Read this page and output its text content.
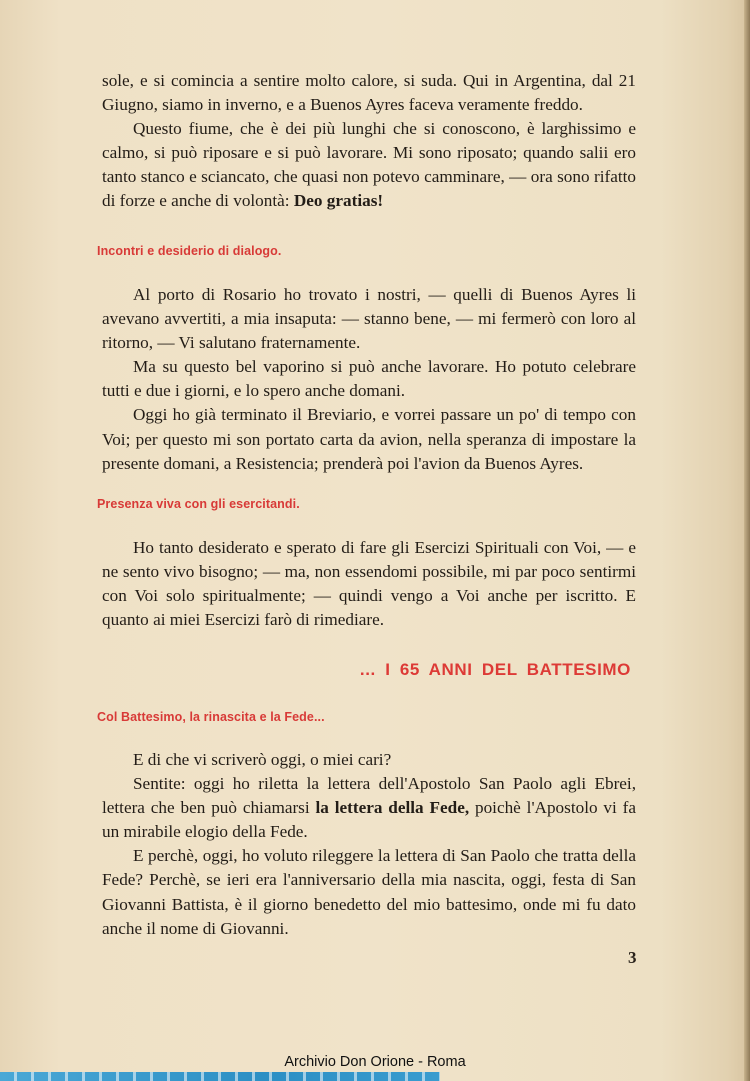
sole, e si comincia a sentire molto calore, si suda. Qui in Argentina, dal 21 Giugno, siamo in inverno, e a Buenos Ayres faceva veramente freddo.

Questo fiume, che è dei più lunghi che si conoscono, è larghissimo e calmo, si può riposare e si può lavorare. Mi sono riposato; quando salii ero tanto stanco e sciancato, che quasi non potevo camminare, — ora sono rifatto di forze e anche di volontà: Deo gratias!

Incontri e desiderio di dialogo.

Al porto di Rosario ho trovato i nostri, — quelli di Buenos Ayres li avevano avvertiti, a mia insaputa: — stanno bene, — mi fermerò con loro al ritorno, — Vi salutano fraternamente.

Ma su questo bel vaporino si può anche lavorare. Ho potuto celebrare tutti e due i giorni, e lo spero anche domani.

Oggi ho già terminato il Breviario, e vorrei passare un po' di tempo con Voi; per questo mi son portato carta da avion, nella speranza di impostare la presente domani, a Resistencia; prenderà poi l'avion da Buenos Ayres.

Presenza viva con gli esercitandi.

Ho tanto desiderato e sperato di fare gli Esercizi Spirituali con Voi, — e ne sento vivo bisogno; — ma, non essendomi possibile, mi par poco sentirmi con Voi solo spiritualmente; — quindi vengo a Voi anche per iscritto. E quanto ai miei Esercizi farò di rimediare.

... I 65 ANNI DEL BATTESIMO
Col Battesimo, la rinascita e la Fede...

E di che vi scriverò oggi, o miei cari?

Sentite: oggi ho riletta la lettera dell'Apostolo San Paolo agli Ebrei, lettera che ben può chiamarsi la lettera della Fede, poichè l'Apostolo vi fa un mirabile elogio della Fede.

E perchè, oggi, ho voluto rileggere la lettera di San Paolo che tratta della Fede? Perchè, se ieri era l'anniversario della mia nascita, oggi, festa di San Giovanni Battista, è il giorno benedetto del mio battesimo, onde mi fu dato anche il nome di Giovanni.

3
Archivio Don Orione - Roma
